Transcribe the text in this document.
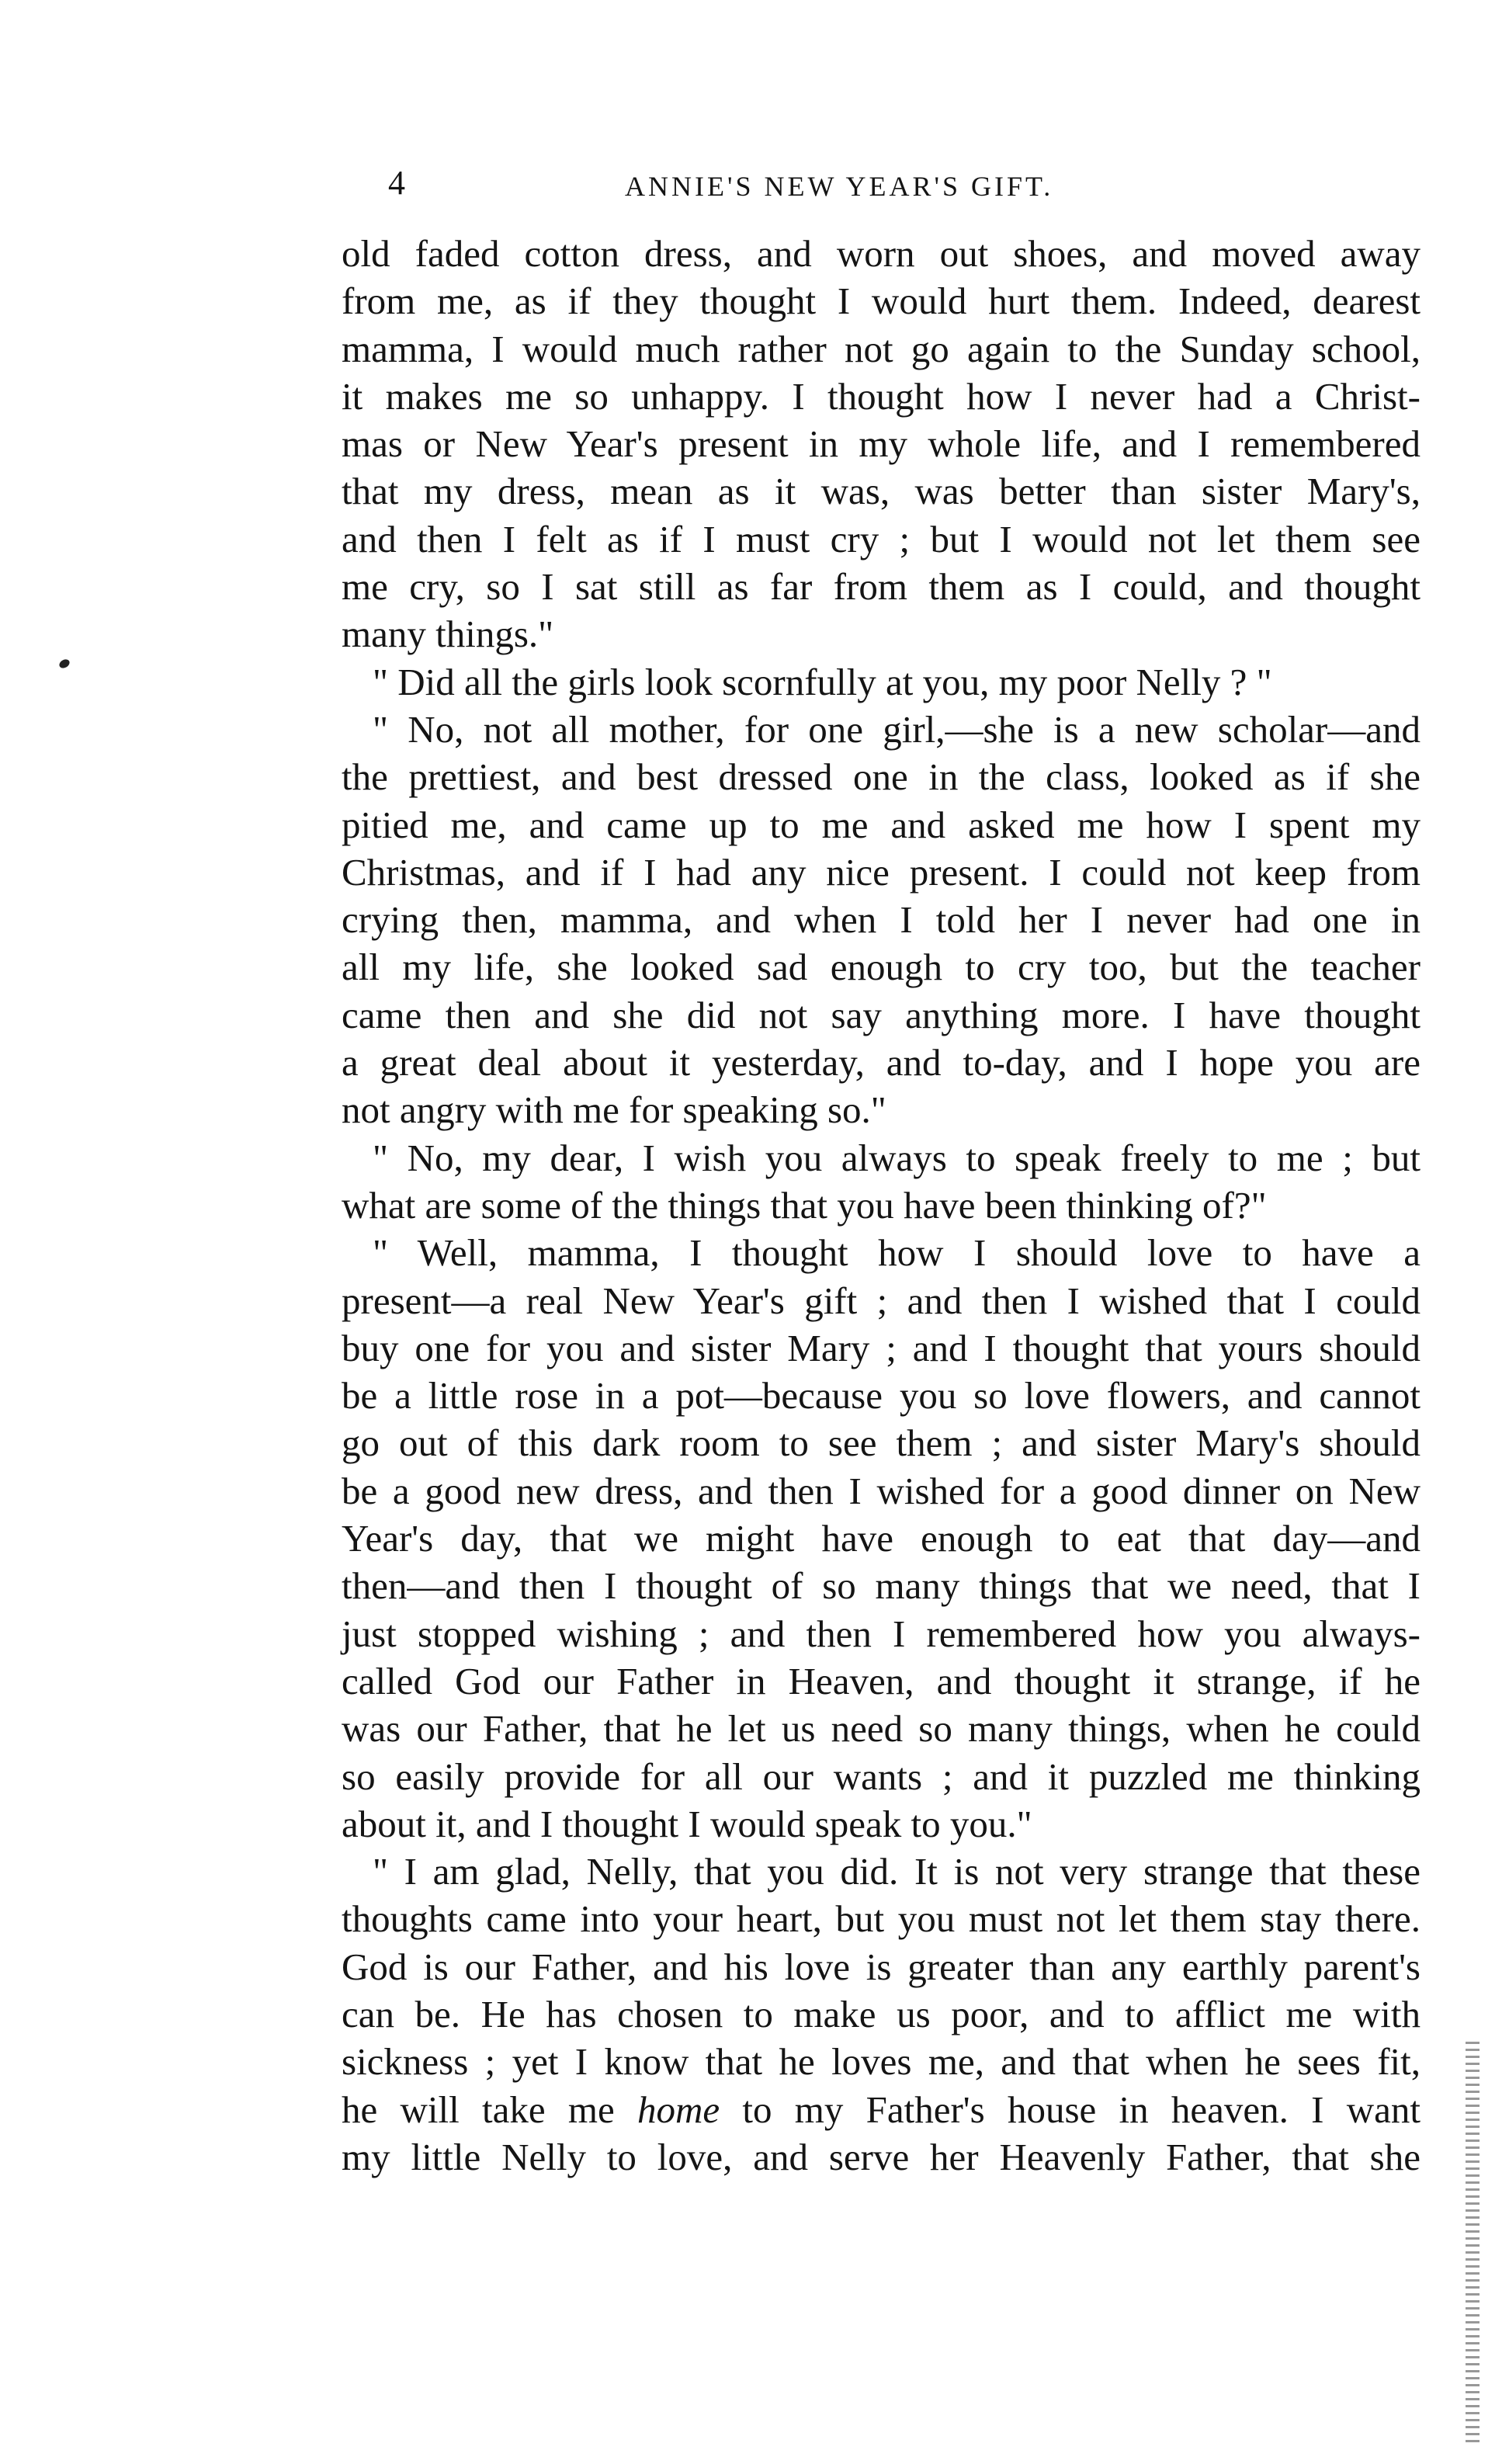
4	ANNIE'S NEW YEAR'S GIFT.
old faded cotton dress, and worn out shoes, and moved away
from me, as if they thought I would hurt them. Indeed, dearest
mamma, I would much rather not go again to the Sunday school,
it makes me so unhappy. I thought how I never had a Christ-
mas or New Year's present in my whole life, and I remembered
that my dress, mean as it was, was better than sister Mary's,
and then I felt as if I must cry ; but I would not let them see
me cry, so I sat still as far from them as I could, and thought
many things."
" Did all the girls look scornfully at you, my poor Nelly ? "
" No, not all mother, for one girl,—she is a new scholar—and
the prettiest, and best dressed one in the class, looked as if she
pitied me, and came up to me and asked me how I spent my
Christmas, and if I had any nice present. I could not keep from
crying then, mamma, and when I told her I never had one in
all my life, she looked sad enough to cry too, but the teacher
came then and she did not say anything more. I have thought
a great deal about it yesterday, and to-day, and I hope you are
not angry with me for speaking so."
" No, my dear, I wish you always to speak freely to me ; but
what are some of the things that you have been thinking of?"
" Well, mamma, I thought how I should love to have a
present—a real New Year's gift ; and then I wished that I could
buy one for you and sister Mary ; and I thought that yours should
be a little rose in a pot—because you so love flowers, and cannot
go out of this dark room to see them ; and sister Mary's should
be a good new dress, and then I wished for a good dinner on New
Year's day, that we might have enough to eat that day—and
then—and then I thought of so many things that we need, that I
just stopped wishing ; and then I remembered how you always-
called God our Father in Heaven, and thought it strange, if he
was our Father, that he let us need so many things, when he could
so easily provide for all our wants ; and it puzzled me thinking
about it, and I thought I would speak to you."
" I am glad, Nelly, that you did. It is not very strange that these
thoughts came into your heart, but you must not let them stay there.
God is our Father, and his love is greater than any earthly parent's
can be. He has chosen to make us poor, and to afflict me with
sickness ; yet I know that he loves me, and that when he sees fit,
he will take me home to my Father's house in heaven. I want
my little Nelly to love, and serve her Heavenly Father, that she
